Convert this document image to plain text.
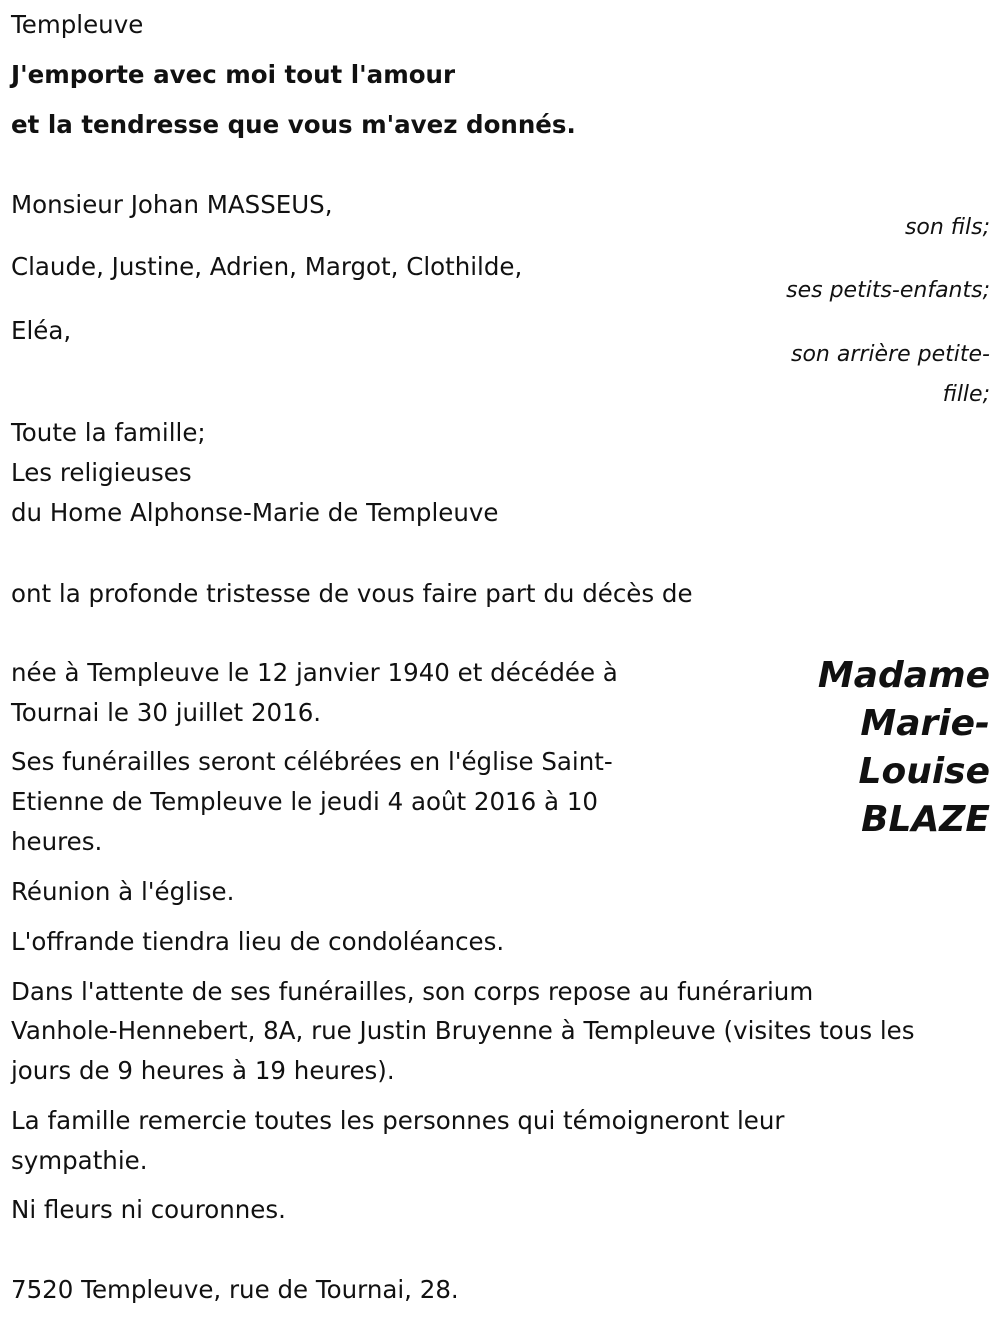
Templeuve
J'emporte avec moi tout l'amour
et la tendresse que vous m'avez donnés.
Monsieur Johan MASSEUS,
son fils;
Claude, Justine, Adrien, Margot, Clothilde,
ses petits-enfants;
Eléa,
son arrière petite-
fille;
Toute la famille;
Les religieuses
du Home Alphonse-Marie de Templeuve
ont la profonde tristesse de vous faire part du décès de
Madame
Marie-
Louise
BLAZE
née à Templeuve le 12 janvier 1940 et décédée à
Tournai le 30 juillet 2016.
Ses funérailles seront célébrées en l'église Saint-
Etienne de Templeuve le jeudi 4 août 2016 à 10
heures.
Réunion à l'église.
L'offrande tiendra lieu de condoléances.
Dans l'attente de ses funérailles, son corps repose au funérarium
Vanhole-Hennebert, 8A, rue Justin Bruyenne à Templeuve (visites tous les
jours de 9 heures à 19 heures).
La famille remercie toutes les personnes qui témoigneront leur
sympathie.
Ni fleurs ni couronnes.
7520 Templeuve, rue de Tournai, 28.
